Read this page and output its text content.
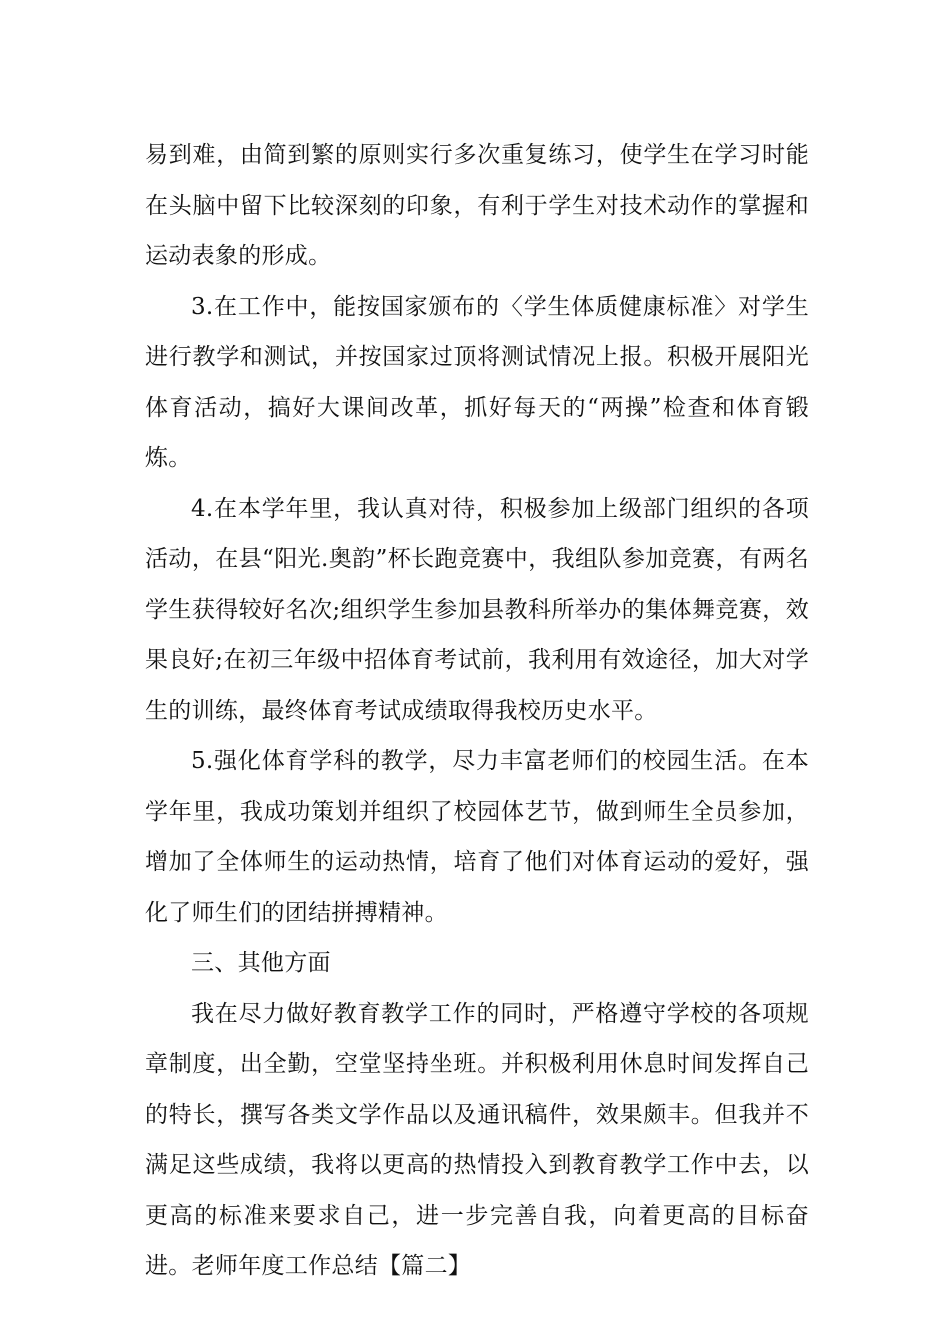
易到难，由简到繁的原则实行多次重复练习，使学生在学习时能在头脑中留下比较深刻的印象，有利于学生对技术动作的掌握和运动表象的形成。

3.在工作中，能按国家颁布的〈学生体质健康标准〉对学生进行教学和测试，并按国家过顶将测试情况上报。积极开展阳光体育活动，搞好大课间改革，抓好每天的“两操”检查和体育锻炼。

4.在本学年里，我认真对待，积极参加上级部门组织的各项活动，在县“阳光.奥韵”杯长跑竞赛中，我组队参加竞赛，有两名学生获得较好名次;组织学生参加县教科所举办的集体舞竞赛，效果良好;在初三年级中招体育考试前，我利用有效途径，加大对学生的训练，最终体育考试成绩取得我校历史水平。

5.强化体育学科的教学，尽力丰富老师们的校园生活。在本学年里，我成功策划并组织了校园体艺节，做到师生全员参加，增加了全体师生的运动热情，培育了他们对体育运动的爱好，强化了师生们的团结拼搏精神。

三、其他方面

我在尽力做好教育教学工作的同时，严格遵守学校的各项规章制度，出全勤，空堂坚持坐班。并积极利用休息时间发挥自己的特长，撰写各类文学作品以及通讯稿件，效果颇丰。但我并不满足这些成绩，我将以更高的热情投入到教育教学工作中去，以更高的标准来要求自己，进一步完善自我，向着更高的目标奋进。老师年度工作总结【篇二】
